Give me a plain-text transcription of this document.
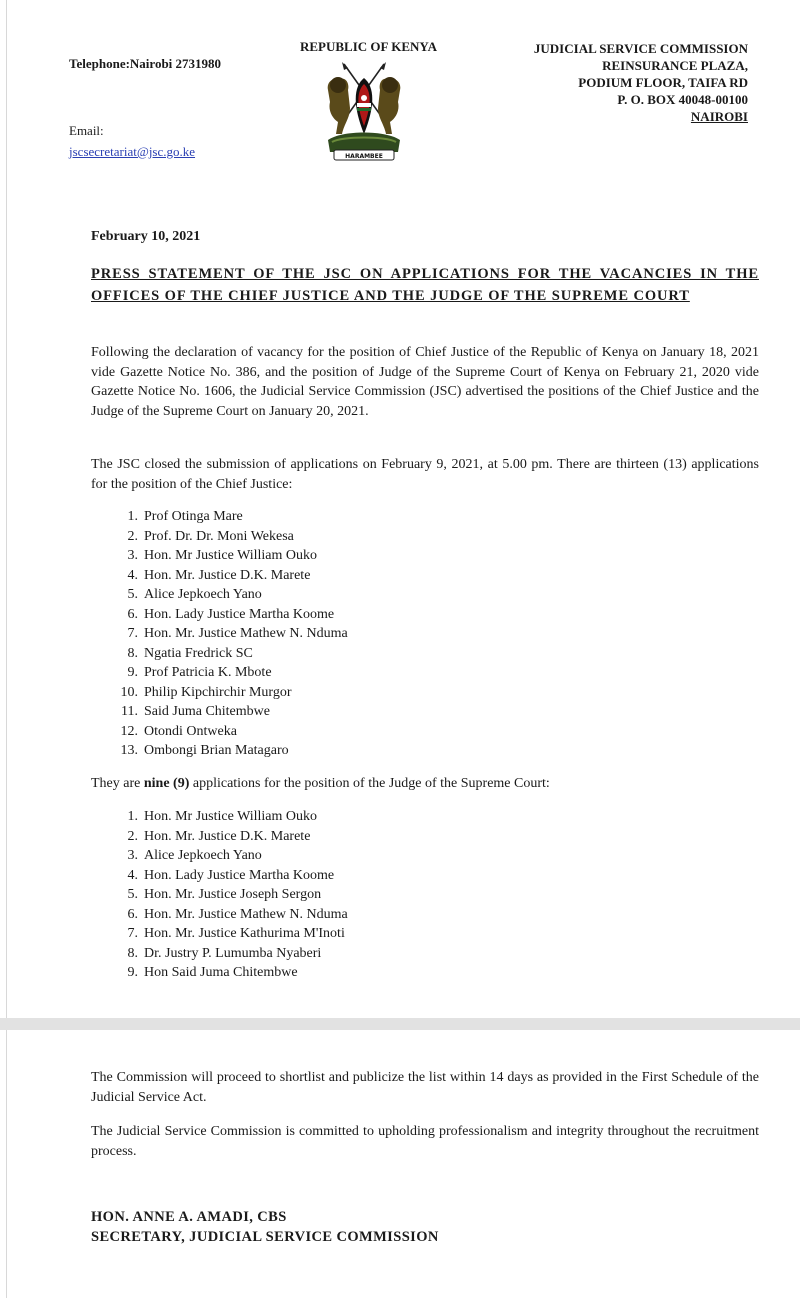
Telephone:Nairobi 2731980
Email:
jscsecretariat@jsc.go.ke
REPUBLIC OF KENYA
HARAMBEE
JUDICIAL SERVICE COMMISSION
REINSURANCE PLAZA,
PODIUM FLOOR, TAIFA RD
P. O. BOX 40048-00100
NAIROBI
February 10, 2021
PRESS STATEMENT OF THE JSC ON APPLICATIONS FOR THE VACANCIES IN THE OFFICES OF THE CHIEF JUSTICE AND THE JUDGE OF THE SUPREME COURT
Following the declaration of vacancy for the position of Chief Justice of the Republic of Kenya on January 18, 2021 vide Gazette Notice No. 386, and the position of Judge of the Supreme Court of Kenya on February 21, 2020 vide Gazette Notice No. 1606, the Judicial Service Commission (JSC) advertised the positions of the Chief Justice and the Judge of the Supreme Court on January 20, 2021.
The JSC closed the submission of applications on February 9, 2021, at 5.00 pm. There are thirteen (13) applications for the position of the Chief Justice:
1. Prof Otinga Mare
2. Prof. Dr. Dr. Moni Wekesa
3. Hon. Mr Justice William Ouko
4. Hon. Mr. Justice D.K. Marete
5. Alice Jepkoech Yano
6. Hon. Lady Justice Martha Koome
7. Hon. Mr. Justice Mathew N. Nduma
8. Ngatia Fredrick SC
9. Prof Patricia K. Mbote
10. Philip Kipchirchir Murgor
11. Said Juma Chitembwe
12. Otondi Ontweka
13. Ombongi Brian Matagaro
They are nine (9) applications for the position of the Judge of the Supreme Court:
1. Hon. Mr Justice William Ouko
2. Hon. Mr. Justice D.K. Marete
3. Alice Jepkoech Yano
4. Hon. Lady Justice Martha Koome
5. Hon. Mr. Justice Joseph Sergon
6. Hon. Mr. Justice Mathew N. Nduma
7. Hon. Mr. Justice Kathurima M'Inoti
8. Dr. Justry P. Lumumba Nyaberi
9. Hon Said Juma Chitembwe
The Commission will proceed to shortlist and publicize the list within 14 days as provided in the First Schedule of the Judicial Service Act.
The Judicial Service Commission is committed to upholding professionalism and integrity throughout the recruitment process.
HON. ANNE A. AMADI, CBS
SECRETARY, JUDICIAL SERVICE COMMISSION
